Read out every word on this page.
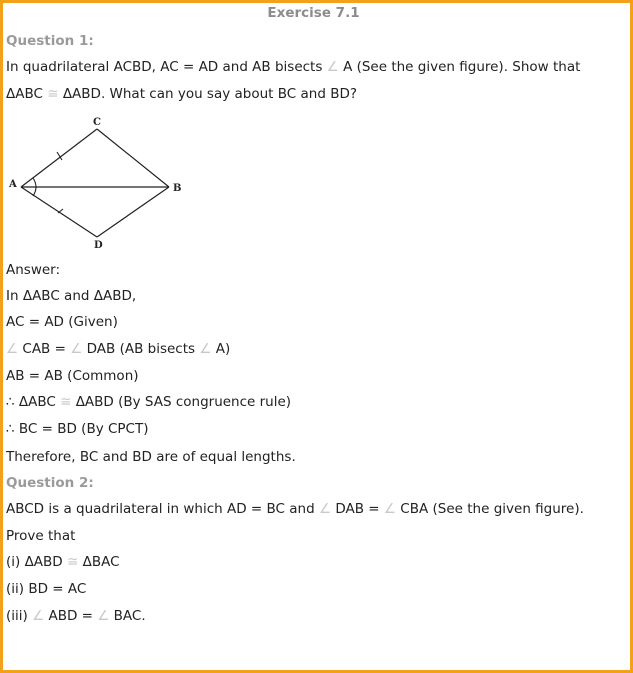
Exercise 7.1
Question 1:
In quadrilateral ACBD, AC = AD and AB bisects ∠ A (See the given figure). Show that
ΔABC ≅ ΔABD. What can you say about BC and BD?
A	B
C
D
Answer:
In ΔABC and ΔABD,
AC = AD (Given)
∠ CAB = ∠ DAB (AB bisects ∠ A)
AB = AB (Common)
∴ ΔABC ≅ ΔABD (By SAS congruence rule)
∴ BC = BD (By CPCT)
Therefore, BC and BD are of equal lengths.
Question 2:
ABCD is a quadrilateral in which AD = BC and ∠ DAB = ∠ CBA (See the given figure).
Prove that
(i) ΔABD ≅ ΔBAC
(ii) BD = AC
(iii) ∠ ABD = ∠ BAC.
